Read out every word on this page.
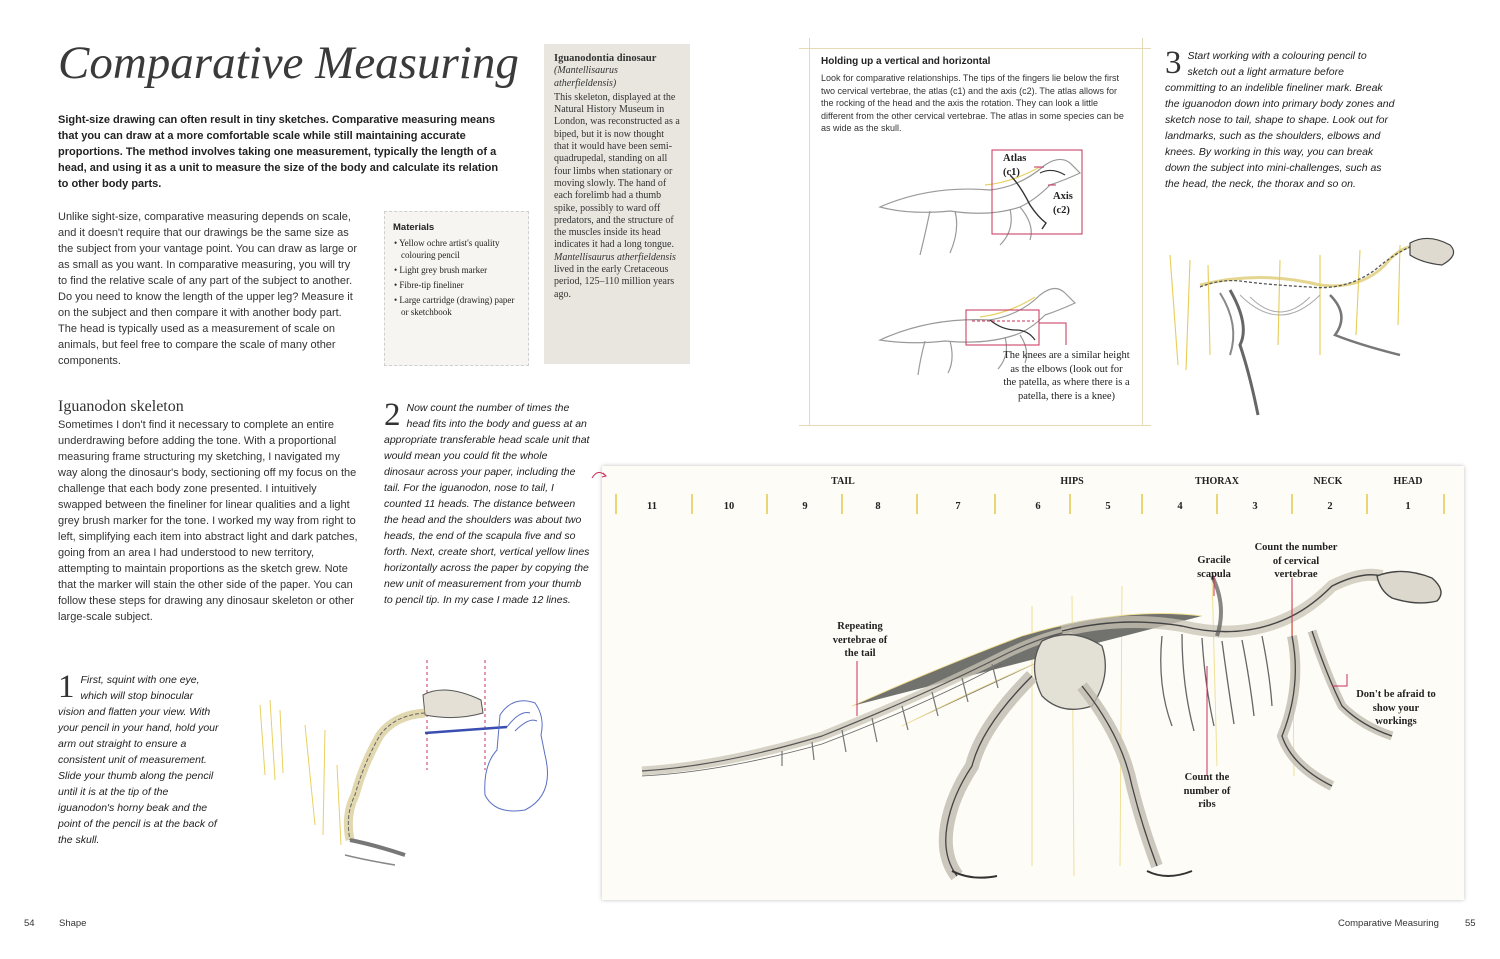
Comparative Measuring

Sight-size drawing can often result in tiny sketches. Comparative measuring means that you can draw at a more comfortable scale while still maintaining accurate proportions. The method involves taking one measurement, typically the length of a head, and using it as a unit to measure the size of the body and calculate its relation to other body parts.

Unlike sight-size, comparative measuring depends on scale, and it doesn't require that our drawings be the same size as the subject from your vantage point. You can draw as large or as small as you want. In comparative measuring, you will try to find the relative scale of any part of the subject to another. Do you need to know the length of the upper leg? Measure it on the subject and then compare it with another body part. The head is typically used as a measurement of scale on animals, but feel free to compare the scale of many other components.

Materials
• Yellow ochre artist's quality colouring pencil
• Light grey brush marker
• Fibre-tip fineliner
• Large cartridge (drawing) paper or sketchbook
Iguanodontia dinosaur

(Mantellisaurus atherfieldensis)

This skeleton, displayed at the Natural History Museum in London, was reconstructed as a biped, but it is now thought that it would have been semi-quadrupedal, standing on all four limbs when stationary or moving slowly. The hand of each forelimb had a thumb spike, possibly to ward off predators, and the structure of the muscles inside its head indicates it had a long tongue. Mantellisaurus atherfieldensis lived in the early Cretaceous period, 125–110 million years ago.

Iguanodon skeleton

Sometimes I don't find it necessary to complete an entire underdrawing before adding the tone. With a proportional measuring frame structuring my sketching, I navigated my way along the dinosaur's body, sectioning off my focus on the challenge that each body zone presented. I intuitively swapped between the fineliner for linear qualities and a light grey brush marker for the tone. I worked my way from right to left, simplifying each item into abstract light and dark patches, going from an area I had understood to new territory, attempting to maintain proportions as the sketch grew. Note that the marker will stain the other side of the paper. You can follow these steps for drawing any dinosaur skeleton or other large-scale subject.

2 Now count the number of times the head fits into the body and guess at an appropriate transferable head scale unit that would mean you could fit the whole dinosaur across your paper, including the tail. For the iguanodon, nose to tail, I counted 11 heads. The distance between the head and the shoulders was about two heads, the end of the scapula five and so forth. Next, create short, vertical yellow lines horizontally across the paper by copying the new unit of measurement from your thumb to pencil tip. In my case I made 12 lines.

1 First, squint with one eye, which will stop binocular vision and flatten your view. With your pencil in your hand, hold your arm out straight to ensure a consistent unit of measurement. Slide your thumb along the pencil until it is at the tip of the iguanodon's horny beak and the point of the pencil is at the back of the skull.

54	Shape
Holding up a vertical and horizontal

Look for comparative relationships. The tips of the fingers lie below the first two cervical vertebrae, the atlas (c1) and the axis (c2). The atlas allows for the rocking of the head and the axis the rotation. They can look a little different from the other cervical vertebrae. The atlas in some species can be as wide as the skull.

Atlas (c1)
Axis (c2)
The knees are a similar height as the elbows (look out for the patella, as where there is a patella, there is a knee)

3 Start working with a colouring pencil to sketch out a light armature before committing to an indelible fineliner mark. Break the iguanodon down into primary body zones and sketch nose to tail, shape to shape. Look out for landmarks, such as the shoulders, elbows and knees. By working in this way, you can break down the subject into mini-challenges, such as the head, the neck, the thorax and so on.

TAIL	HIPS	THORAX	NECK	HEAD
11	10	9	8	7	6	5	4	3	2	1
Repeating vertebrae of the tail
Gracile scapula
Count the number of cervical vertebrae
Count the number of ribs
Don't be afraid to show your workings
Comparative Measuring	55
